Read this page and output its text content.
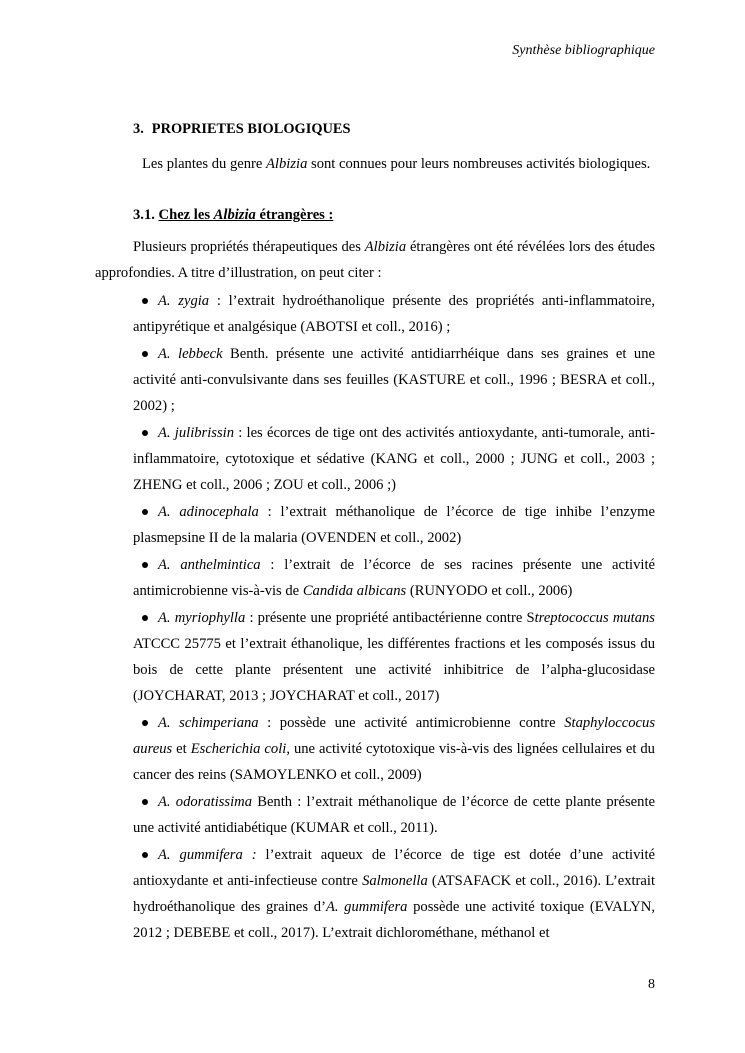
Synthèse bibliographique
3. PROPRIETES BIOLOGIQUES
Les plantes du genre Albizia sont connues pour leurs nombreuses activités biologiques.
3.1. Chez les Albizia étrangères :
Plusieurs propriétés thérapeutiques des Albizia étrangères ont été révélées lors des études approfondies. A titre d’illustration, on peut citer :
A. zygia : l’extrait hydroéthanolique présente des propriétés anti-inflammatoire, antipyrétique et analgésique (ABOTSI et coll., 2016) ;
A. lebbeck Benth. présente une activité antidiarrhéique dans ses graines et une activité anti-convulsivante dans ses feuilles (KASTURE et coll., 1996 ; BESRA et coll., 2002) ;
A. julibrissin : les écorces de tige ont des activités antioxydante, anti-tumorale, anti-inflammatoire, cytotoxique et sédative (KANG et coll., 2000 ; JUNG et coll., 2003 ; ZHENG et coll., 2006 ; ZOU et coll., 2006 ;)
A. adinocephala : l’extrait méthanolique de l’écorce de tige inhibe l’enzyme plasmepsine II de la malaria (OVENDEN et coll., 2002)
A. anthelmintica : l’extrait de l’écorce de ses racines présente une activité antimicrobienne vis-à-vis de Candida albicans (RUNYODO et coll., 2006)
A. myriophylla : présente une propriété antibactérienne contre Streptococcus mutans ATCCC 25775 et l’extrait éthanolique, les différentes fractions et les composés issus du bois de cette plante présentent une activité inhibitrice de l’alpha-glucosidase (JOYCHARAT, 2013 ; JOYCHARAT et coll., 2017)
A. schimperiana : possède une activité antimicrobienne contre Staphyloccocus aureus et Escherichia coli, une activité cytotoxique vis-à-vis des lignées cellulaires et du cancer des reins (SAMOYLENKO et coll., 2009)
A. odoratissima Benth : l’extrait méthanolique de l’écorce de cette plante présente une activité antidiabétique (KUMAR et coll., 2011).
A. gummifera : l’extrait aqueux de l’écorce de tige est dotée d’une activité antioxydante et anti-infectieuse contre Salmonella (ATSAFACK et coll., 2016). L’extrait hydroéthanolique des graines d’A. gummifera possède une activité toxique (EVALYN, 2012 ; DEBEBE et coll., 2017). L’extrait dichlorométhane, méthanol et
8
